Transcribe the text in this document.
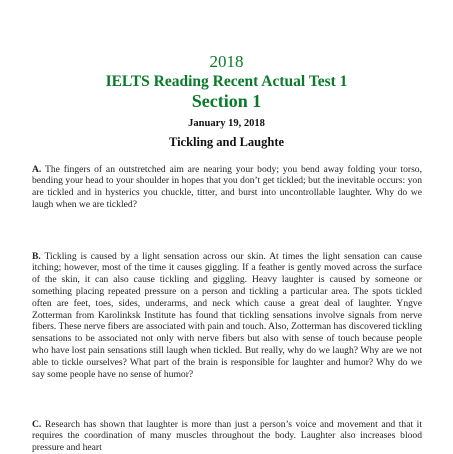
2018
IELTS Reading Recent Actual Test 1
Section 1
January 19, 2018
Tickling and Laughte

A. The fingers of an outstretched aim are nearing your body; you bend away folding your torso, bending your head to your shoulder in hopes that you don’t get tickled; but the inevitable occurs: yon are tickled and in hysterics you chuckle, titter, and burst into uncontrollable laughter. Why do we laugh when we are tickled?

B. Tickling is caused by a light sensation across our skin. At times the light sensation can cause itching; however, most of the time it causes giggling. If a feather is gently moved across the surface of the skin, it can also cause tickling and giggling. Heavy laughter is caused by someone or something placing repeated pressure on a person and tickling a particular area. The spots tickled often are feet, toes, sides, underarms, and neck which cause a great deal of laughter. Yngve Zotterman from Karolinksk Institute has found that tickling sensations involve signals from nerve fibers. These nerve fibers are associated with pain and touch. Also, Zotterman has discovered tickling sensations to be associated not only with nerve fibers but also with sense of touch because people who have lost pain sensations still laugh when tickled. But really, why do we laugh? Why are we not able to tickle ourselves? What part of the brain is responsible for laughter and humor? Why do we say some people have no sense of humor?

C. Research has shown that laughter is more than just a person’s voice and movement and that it requires the coordination of many muscles throughout the body. Laughter also increases blood pressure and heart
